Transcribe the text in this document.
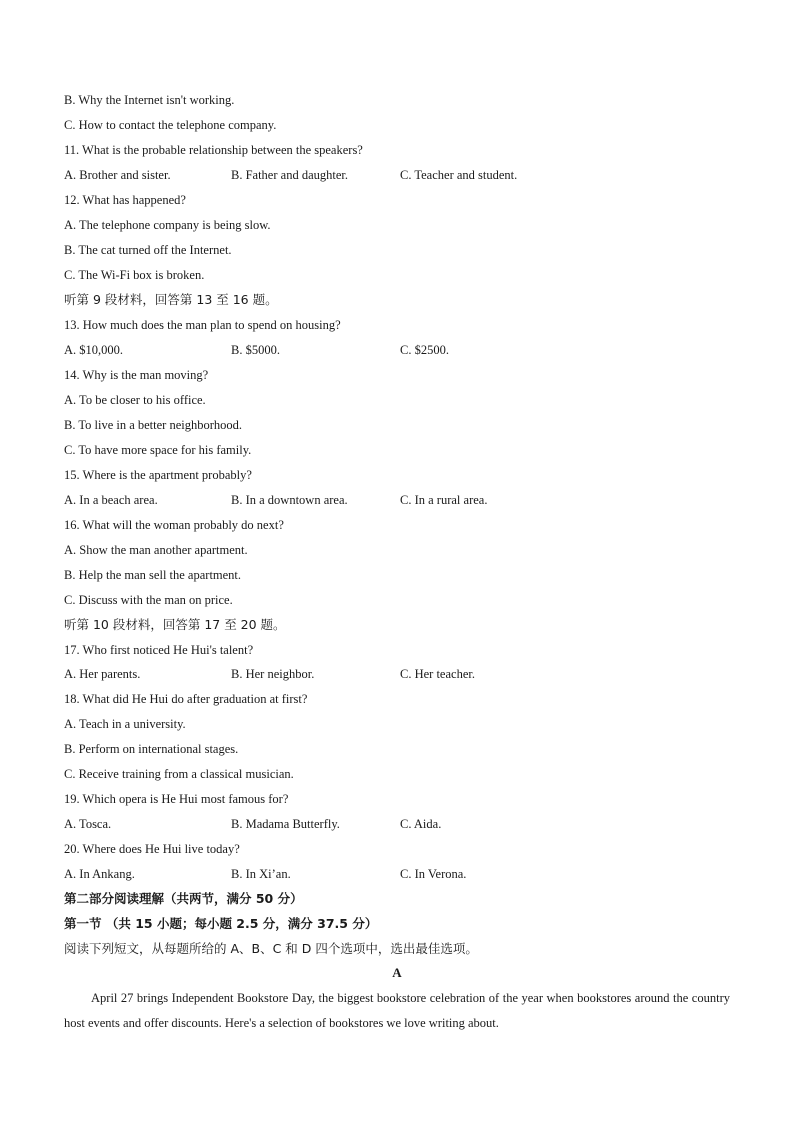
B. Why the Internet isn't working.
C. How to contact the telephone company.
11. What is the probable relationship between the speakers?
A. Brother and sister.	B. Father and daughter.	C. Teacher and student.
12. What has happened?
A. The telephone company is being slow.
B. The cat turned off the Internet.
C. The Wi-Fi box is broken.
听第 9 段材料，回答第 13 至 16 题。
13. How much does the man plan to spend on housing?
A. $10,000.	B. $5000.	C. $2500.
14. Why is the man moving?
A. To be closer to his office.
B. To live in a better neighborhood.
C. To have more space for his family.
15. Where is the apartment probably?
A. In a beach area.	B. In a downtown area.	C. In a rural area.
16. What will the woman probably do next?
A. Show the man another apartment.
B. Help the man sell the apartment.
C. Discuss with the man on price.
听第 10 段材料，回答第 17 至 20 题。
17. Who first noticed He Hui's talent?
A. Her parents.	B. Her neighbor.	C. Her teacher.
18. What did He Hui do after graduation at first?
A. Teach in a university.
B. Perform on international stages.
C. Receive training from a classical musician.
19. Which opera is He Hui most famous for?
A. Tosca.	B. Madama Butterfly.	C. Aida.
20. Where does He Hui live today?
A. In Ankang.	B. In Xi’an.	C. In Verona.
第二部分阅读理解（共两节，满分 50 分）
第一节 （共 15 小题；每小题 2.5 分，满分 37.5 分）
阅读下列短文，从每题所给的 A、B、C 和 D 四个选项中，选出最佳选项。
A
April 27 brings Independent Bookstore Day, the biggest bookstore celebration of the year when bookstores around the country host events and offer discounts. Here's a selection of bookstores we love writing about.
